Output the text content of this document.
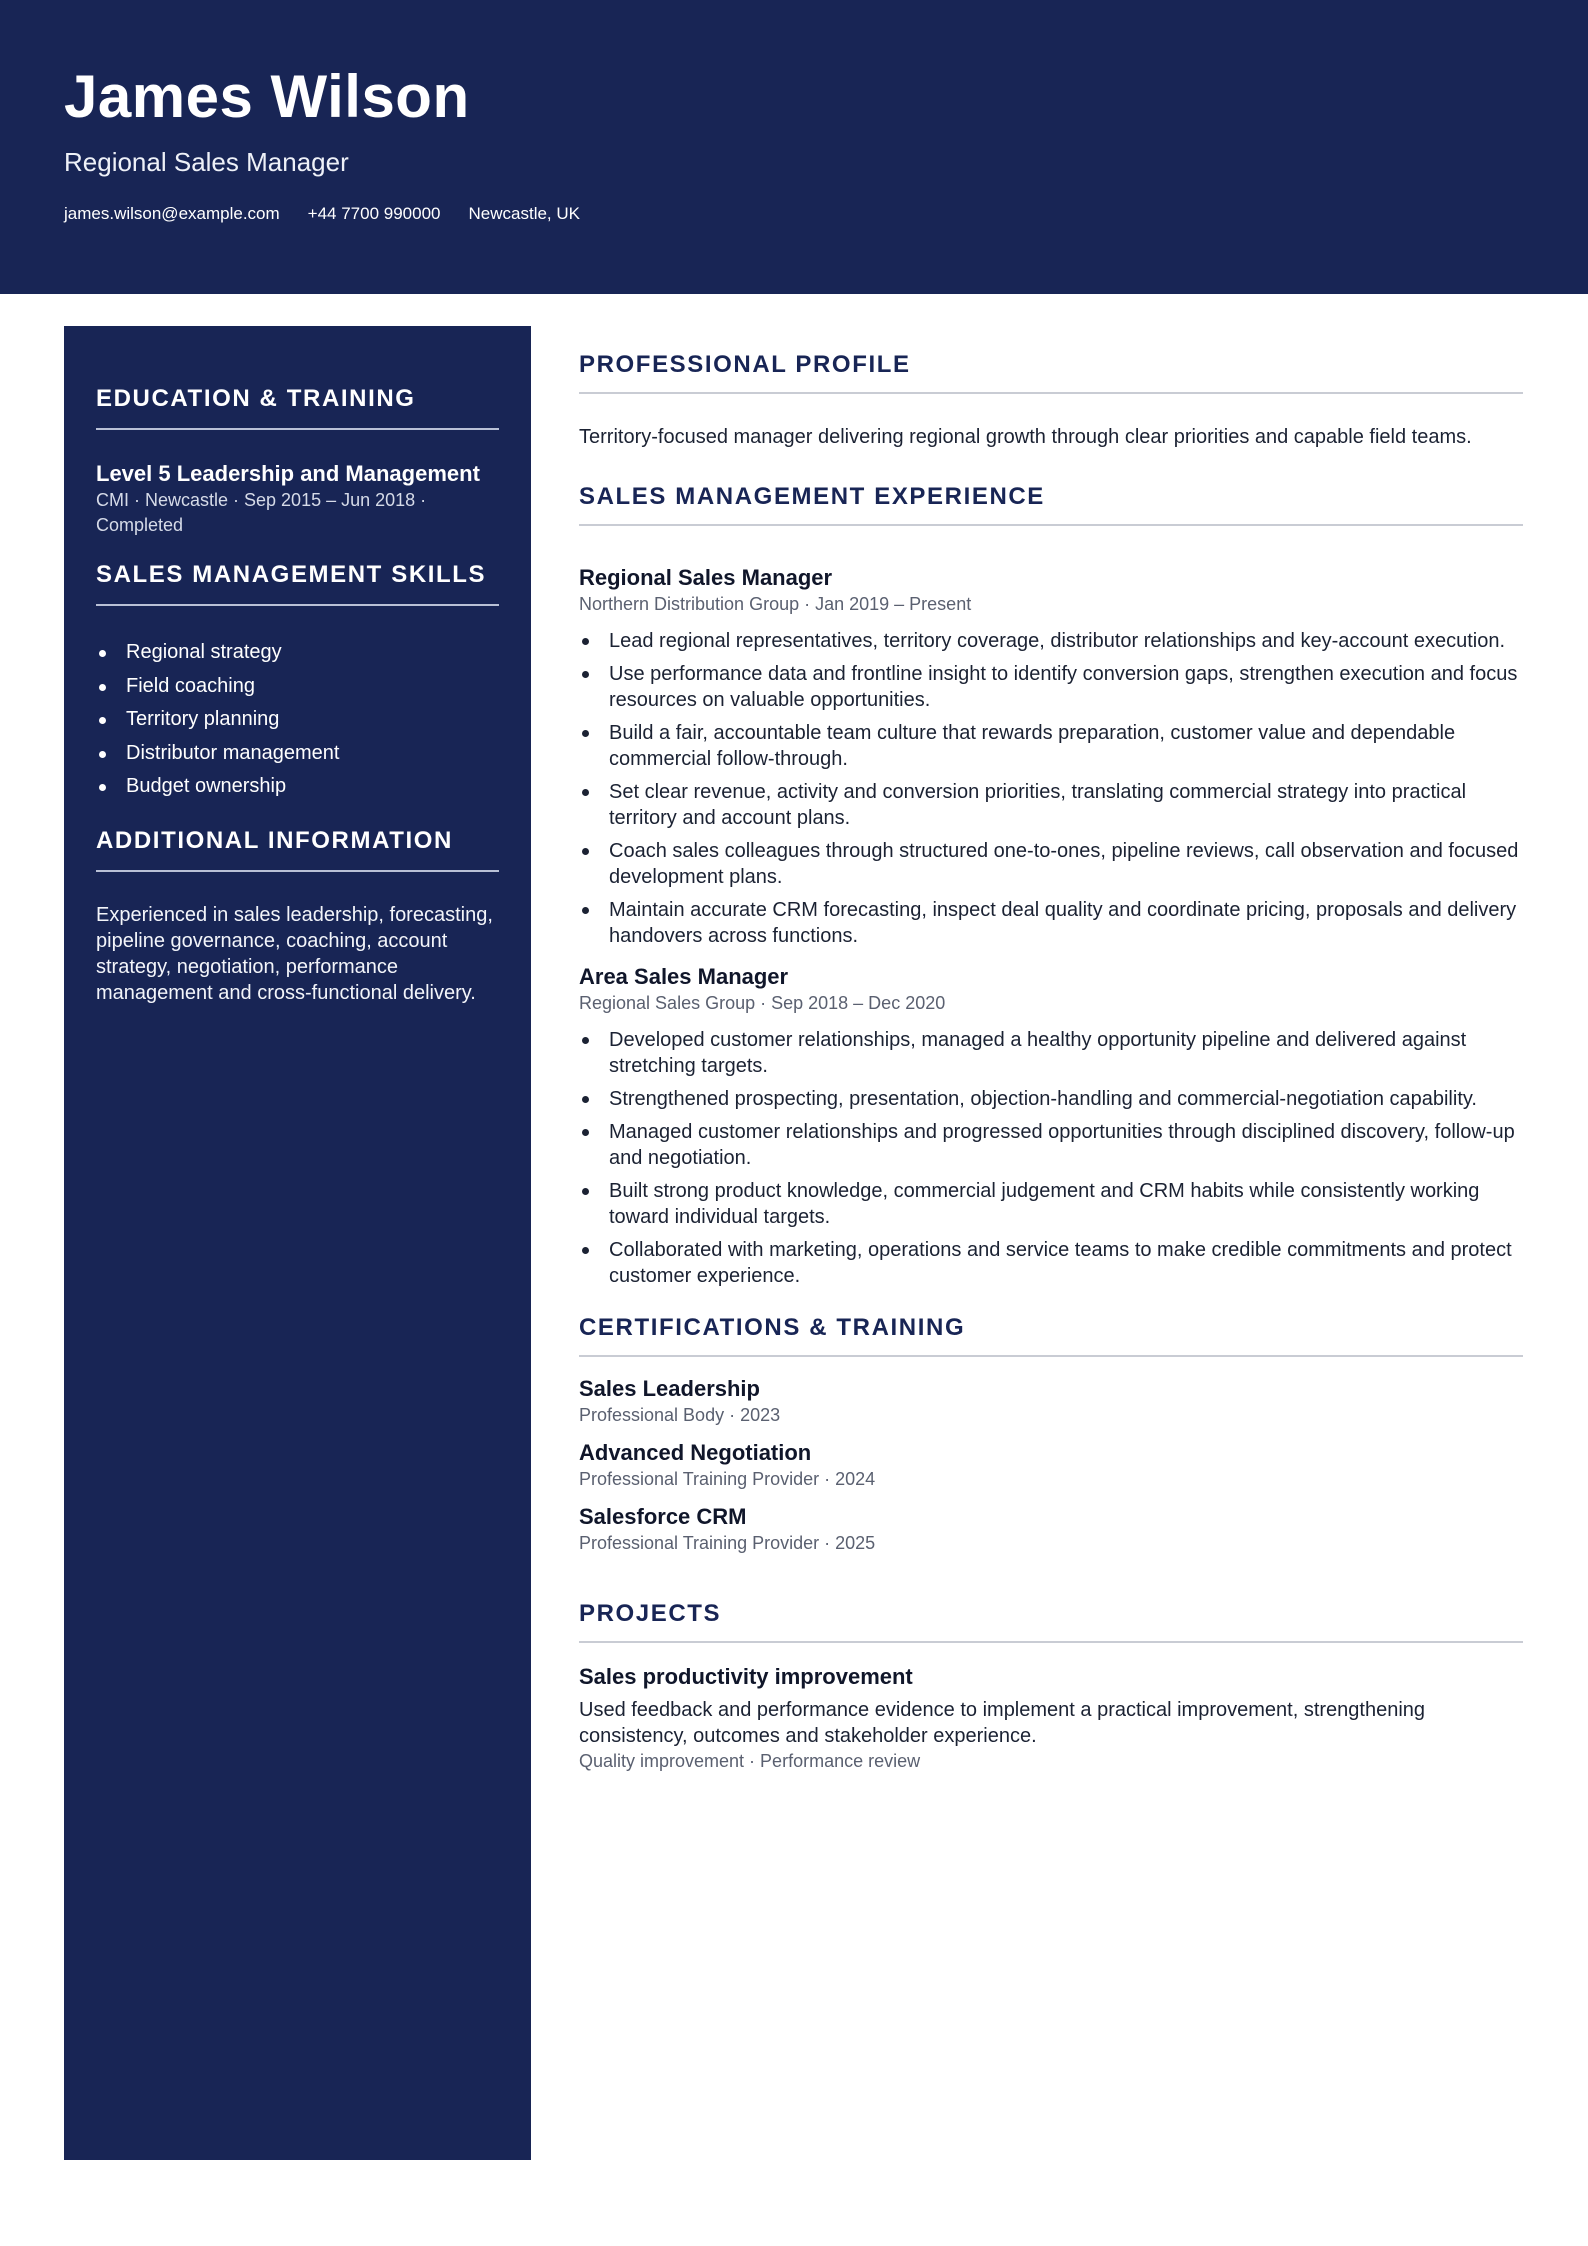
James Wilson
Regional Sales Manager
james.wilson@example.com +44 7700 990000 Newcastle, UK
EDUCATION & TRAINING
Level 5 Leadership and Management
CMI · Newcastle · Sep 2015 – Jun 2018 · Completed
SALES MANAGEMENT SKILLS
Regional strategy
Field coaching
Territory planning
Distributor management
Budget ownership
ADDITIONAL INFORMATION
Experienced in sales leadership, forecasting, pipeline governance, coaching, account strategy, negotiation, performance management and cross-functional delivery.
PROFESSIONAL PROFILE
Territory-focused manager delivering regional growth through clear priorities and capable field teams.
SALES MANAGEMENT EXPERIENCE
Regional Sales Manager
Northern Distribution Group · Jan 2019 – Present
Lead regional representatives, territory coverage, distributor relationships and key-account execution.
Use performance data and frontline insight to identify conversion gaps, strengthen execution and focus resources on valuable opportunities.
Build a fair, accountable team culture that rewards preparation, customer value and dependable commercial follow-through.
Set clear revenue, activity and conversion priorities, translating commercial strategy into practical territory and account plans.
Coach sales colleagues through structured one-to-ones, pipeline reviews, call observation and focused development plans.
Maintain accurate CRM forecasting, inspect deal quality and coordinate pricing, proposals and delivery handovers across functions.
Area Sales Manager
Regional Sales Group · Sep 2018 – Dec 2020
Developed customer relationships, managed a healthy opportunity pipeline and delivered against stretching targets.
Strengthened prospecting, presentation, objection-handling and commercial-negotiation capability.
Managed customer relationships and progressed opportunities through disciplined discovery, follow-up and negotiation.
Built strong product knowledge, commercial judgement and CRM habits while consistently working toward individual targets.
Collaborated with marketing, operations and service teams to make credible commitments and protect customer experience.
CERTIFICATIONS & TRAINING
Sales Leadership
Professional Body · 2023
Advanced Negotiation
Professional Training Provider · 2024
Salesforce CRM
Professional Training Provider · 2025
PROJECTS
Sales productivity improvement
Used feedback and performance evidence to implement a practical improvement, strengthening consistency, outcomes and stakeholder experience.
Quality improvement · Performance review
